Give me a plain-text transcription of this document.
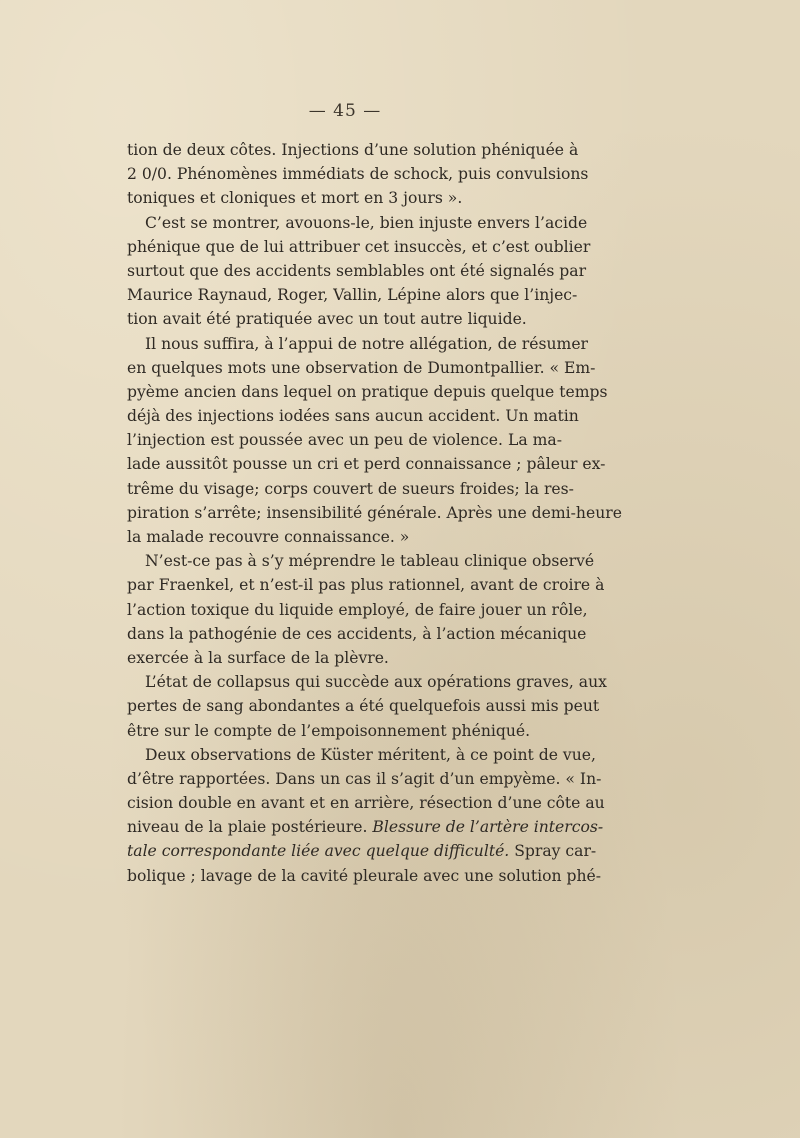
— 45 —
tion de deux côtes. Injections d’une solution phéniquée à
2 0/0. Phénomènes immédiats de schock, puis convulsions
toniques et cloniques et mort en 3 jours ».
C’est se montrer, avouons-le, bien injuste envers l’acide
phénique que de lui attribuer cet insuccès, et c’est oublier
surtout que des accidents semblables ont été signalés par
Maurice Raynaud, Roger, Vallin, Lépine alors que l’injec-
tion avait été pratiquée avec un tout autre liquide.
Il nous suffira, à l’appui de notre allégation, de résumer
en quelques mots une observation de Dumontpallier. « Em-
pyème ancien dans lequel on pratique depuis quelque temps
déjà des injections iodées sans aucun accident. Un matin
l’injection est poussée avec un peu de violence. La ma-
lade aussitôt pousse un cri et perd connaissance ; pâleur ex-
trême du visage; corps couvert de sueurs froides; la res-
piration s’arrête; insensibilité générale. Après une demi-heure
la malade recouvre connaissance. »
N’est-ce pas à s’y méprendre le tableau clinique observé
par Fraenkel, et n’est-il pas plus rationnel, avant de croire à
l’action toxique du liquide employé, de faire jouer un rôle,
dans la pathogénie de ces accidents, à l’action mécanique
exercée à la surface de la plèvre.
L’état de collapsus qui succède aux opérations graves, aux
pertes de sang abondantes a été quelquefois aussi mis peut
être sur le compte de l’empoisonnement phéniqué.
Deux observations de Küster méritent, à ce point de vue,
d’être rapportées. Dans un cas il s’agit d’un empyème. « In-
cision double en avant et en arrière, résection d’une côte au
niveau de la plaie postérieure. Blessure de l’artère intercos-
tale correspondante liée avec quelque difficulté. Spray car-
bolique ; lavage de la cavité pleurale avec une solution phé-
